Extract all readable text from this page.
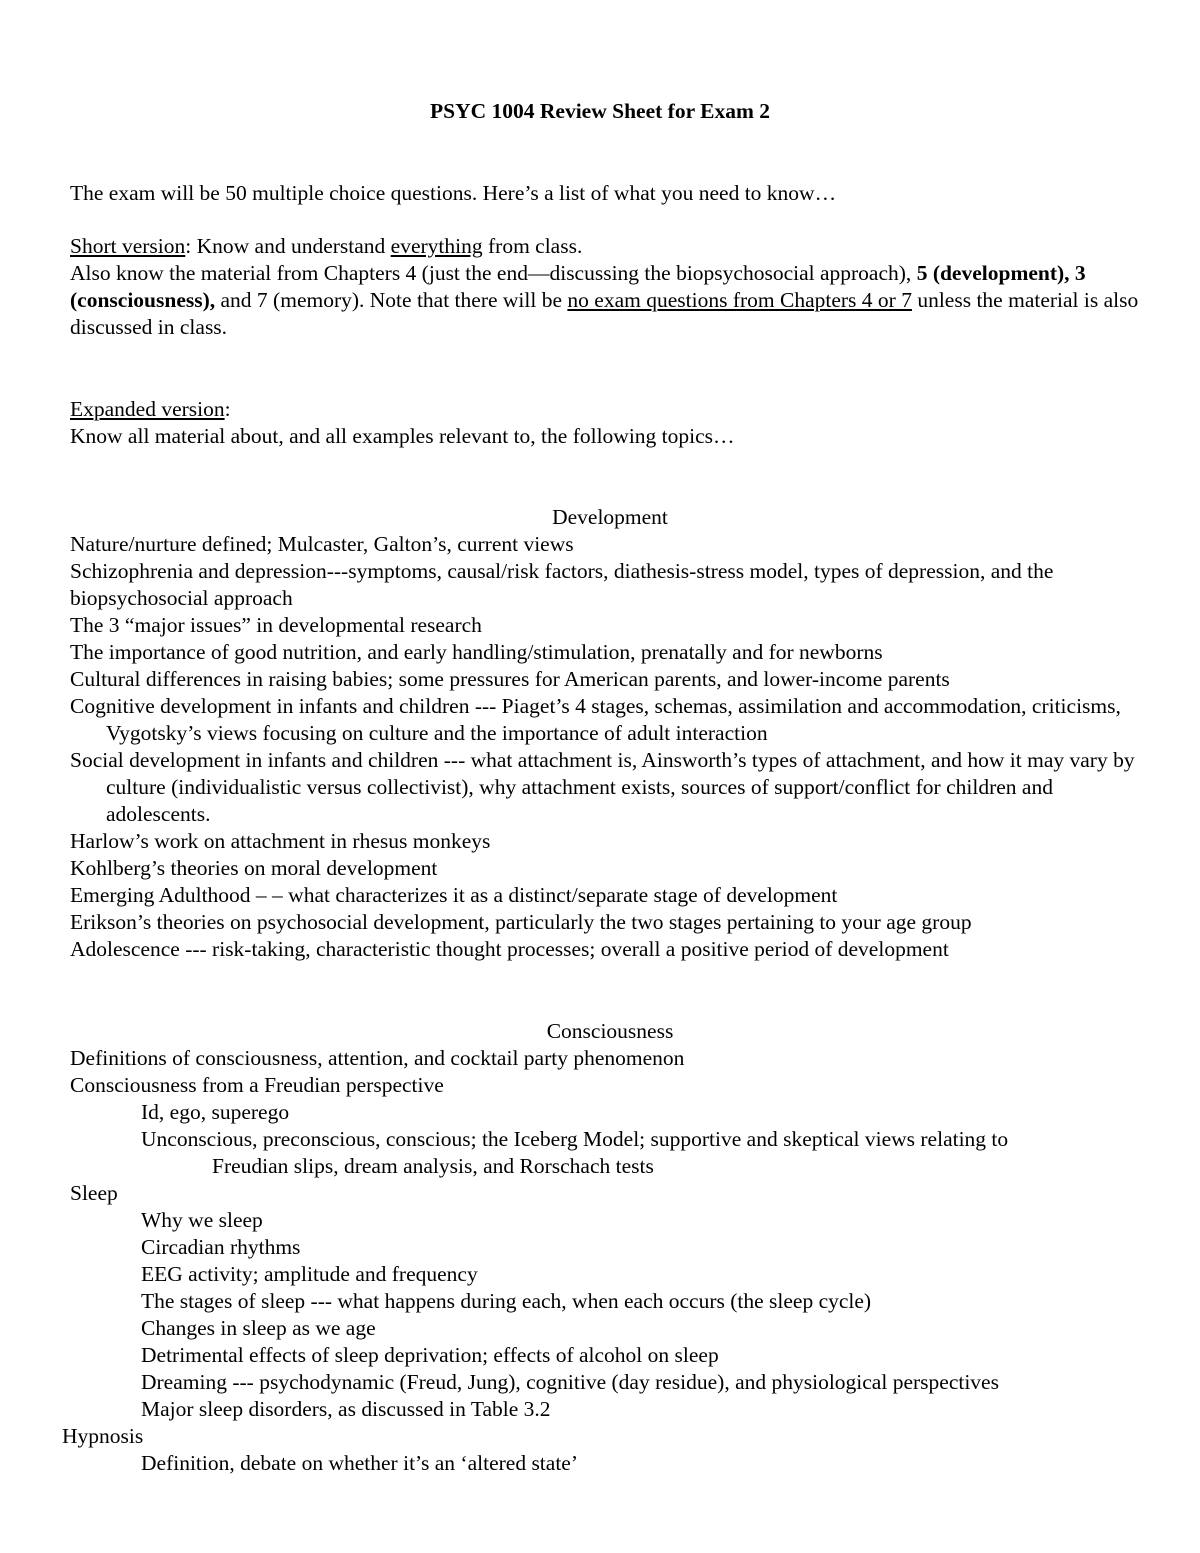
PSYC 1004 Review Sheet for Exam 2
The exam will be 50 multiple choice questions. Here’s a list of what you need to know…
Short version: Know and understand everything from class.
Also know the material from Chapters 4 (just the end—discussing the biopsychosocial approach), 5 (development), 3 (consciousness), and 7 (memory). Note that there will be no exam questions from Chapters 4 or 7 unless the material is also discussed in class.
Expanded version:
Know all material about, and all examples relevant to, the following topics…
Development
Nature/nurture defined; Mulcaster, Galton’s, current views
Schizophrenia and depression---symptoms, causal/risk factors, diathesis-stress model, types of depression, and the biopsychosocial approach
The 3 “major issues” in developmental research
The importance of good nutrition, and early handling/stimulation, prenatally and for newborns
Cultural differences in raising babies; some pressures for American parents, and lower-income parents
Cognitive development in infants and children --- Piaget’s 4 stages, schemas, assimilation and accommodation, criticisms, Vygotsky’s views focusing on culture and the importance of adult interaction
Social development in infants and children --- what attachment is, Ainsworth’s types of attachment, and how it may vary by culture (individualistic versus collectivist), why attachment exists, sources of support/conflict for children and adolescents.
Harlow’s work on attachment in rhesus monkeys
Kohlberg’s theories on moral development
Emerging Adulthood – – what characterizes it as a distinct/separate stage of development
Erikson’s theories on psychosocial development, particularly the two stages pertaining to your age group
Adolescence --- risk-taking, characteristic thought processes; overall a positive period of development
Consciousness
Definitions of consciousness, attention, and cocktail party phenomenon
Consciousness from a Freudian perspective
Id, ego, superego
Unconscious, preconscious, conscious; the Iceberg Model; supportive and skeptical views relating to
Freudian slips, dream analysis, and Rorschach tests
Sleep
Why we sleep
Circadian rhythms
EEG activity; amplitude and frequency
The stages of sleep --- what happens during each, when each occurs (the sleep cycle)
Changes in sleep as we age
Detrimental effects of sleep deprivation; effects of alcohol on sleep
Dreaming --- psychodynamic (Freud, Jung), cognitive (day residue), and physiological perspectives
Major sleep disorders, as discussed in Table 3.2
Hypnosis
Definition, debate on whether it’s an ‘altered state’
